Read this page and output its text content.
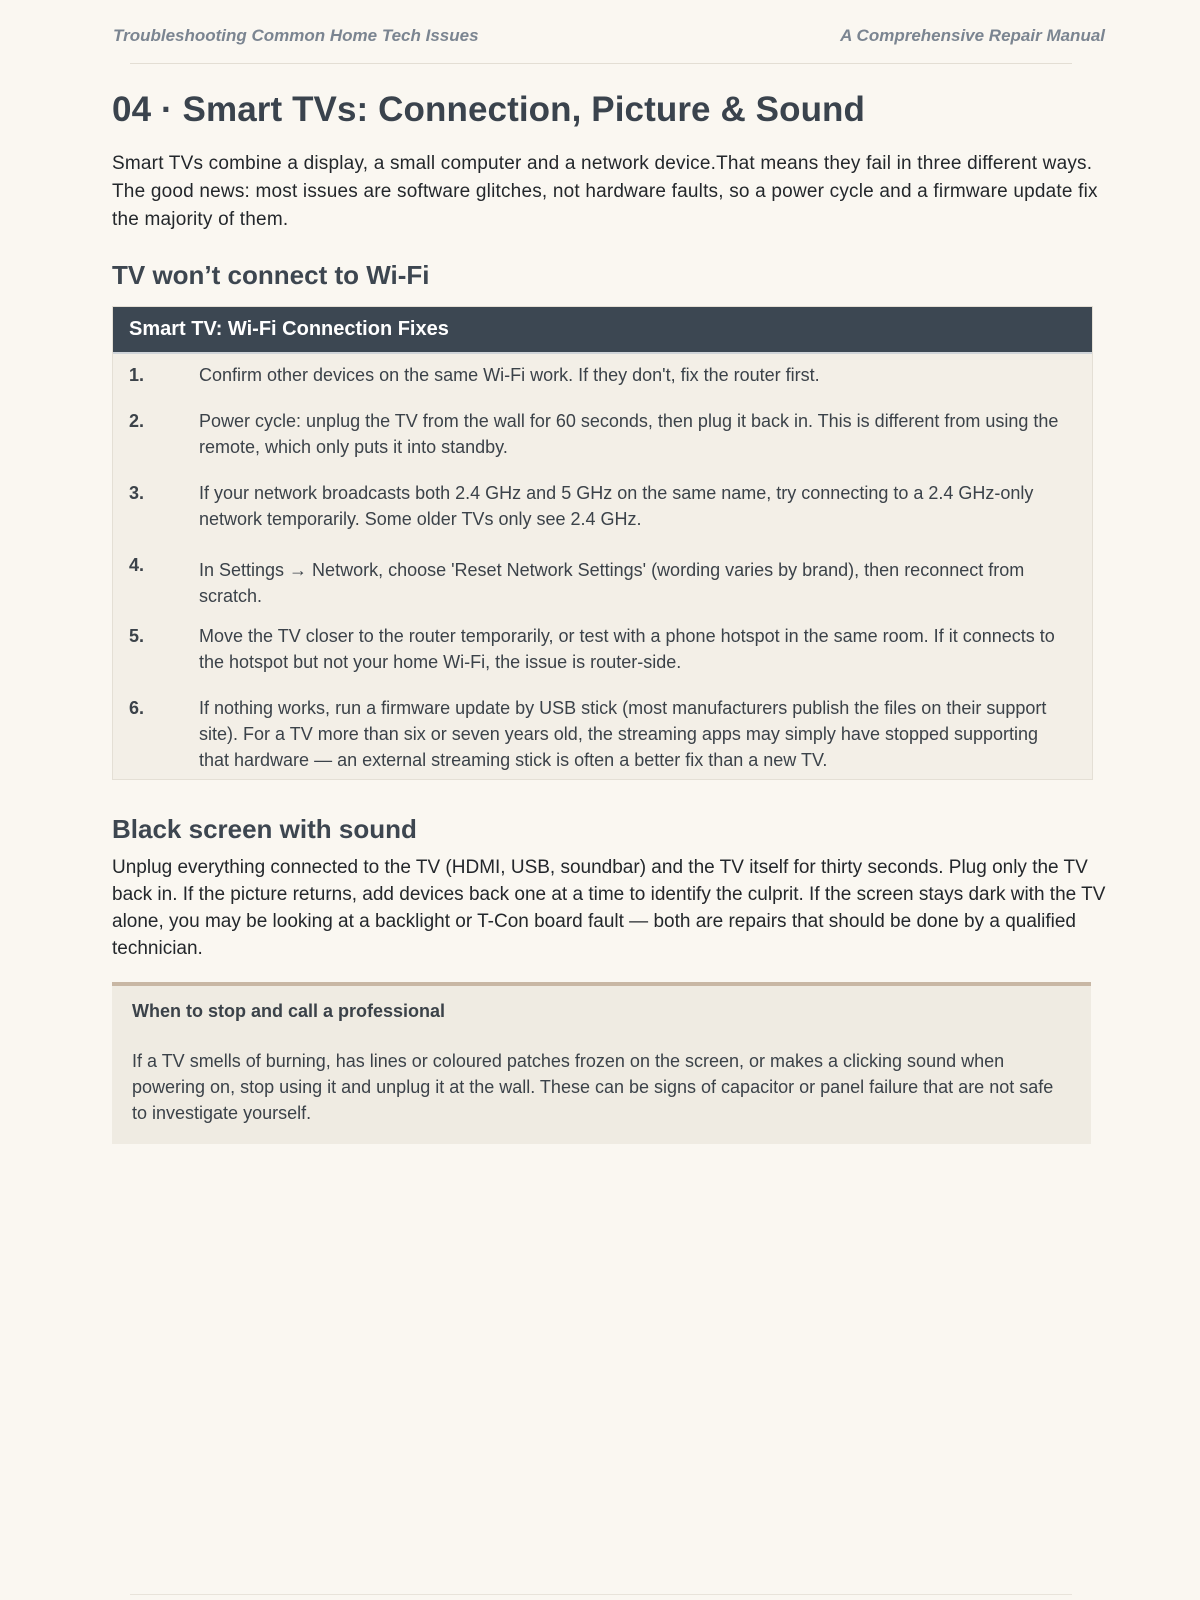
Troubleshooting Common Home Tech Issues	A Comprehensive Repair Manual
04 · Smart TVs: Connection, Picture & Sound

Smart TVs combine a display, a small computer and a network device.That means they fail in three different ways. The good news: most issues are software glitches, not hardware faults, so a power cycle and a firmware update fix the majority of them.

TV won’t connect to Wi-Fi
Smart TV: Wi-Fi Connection Fixes
1.	Confirm other devices on the same Wi-Fi work. If they don't, fix the router first.
2.	Power cycle: unplug the TV from the wall for 60 seconds, then plug it back in. This is different from using the remote, which only puts it into standby.
3.	If your network broadcasts both 2.4 GHz and 5 GHz on the same name, try connecting to a 2.4 GHz-only network temporarily. Some older TVs only see 2.4 GHz.
4.	In Settings → Network, choose 'Reset Network Settings' (wording varies by brand), then reconnect from scratch.
5.	Move the TV closer to the router temporarily, or test with a phone hotspot in the same room. If it connects to the hotspot but not your home Wi-Fi, the issue is router-side.
6.	If nothing works, run a firmware update by USB stick (most manufacturers publish the files on their support site). For a TV more than six or seven years old, the streaming apps may simply have stopped supporting that hardware — an external streaming stick is often a better fix than a new TV.
Black screen with sound

Unplug everything connected to the TV (HDMI, USB, soundbar) and the TV itself for thirty seconds. Plug only the TV back in. If the picture returns, add devices back one at a time to identify the culprit. If the screen stays dark with the TV alone, you may be looking at a backlight or T-Con board fault — both are repairs that should be done by a qualified technician.

When to stop and call a professional
If a TV smells of burning, has lines or coloured patches frozen on the screen, or makes a clicking sound when powering on, stop using it and unplug it at the wall. These can be signs of capacitor or panel failure that are not safe to investigate yourself.
